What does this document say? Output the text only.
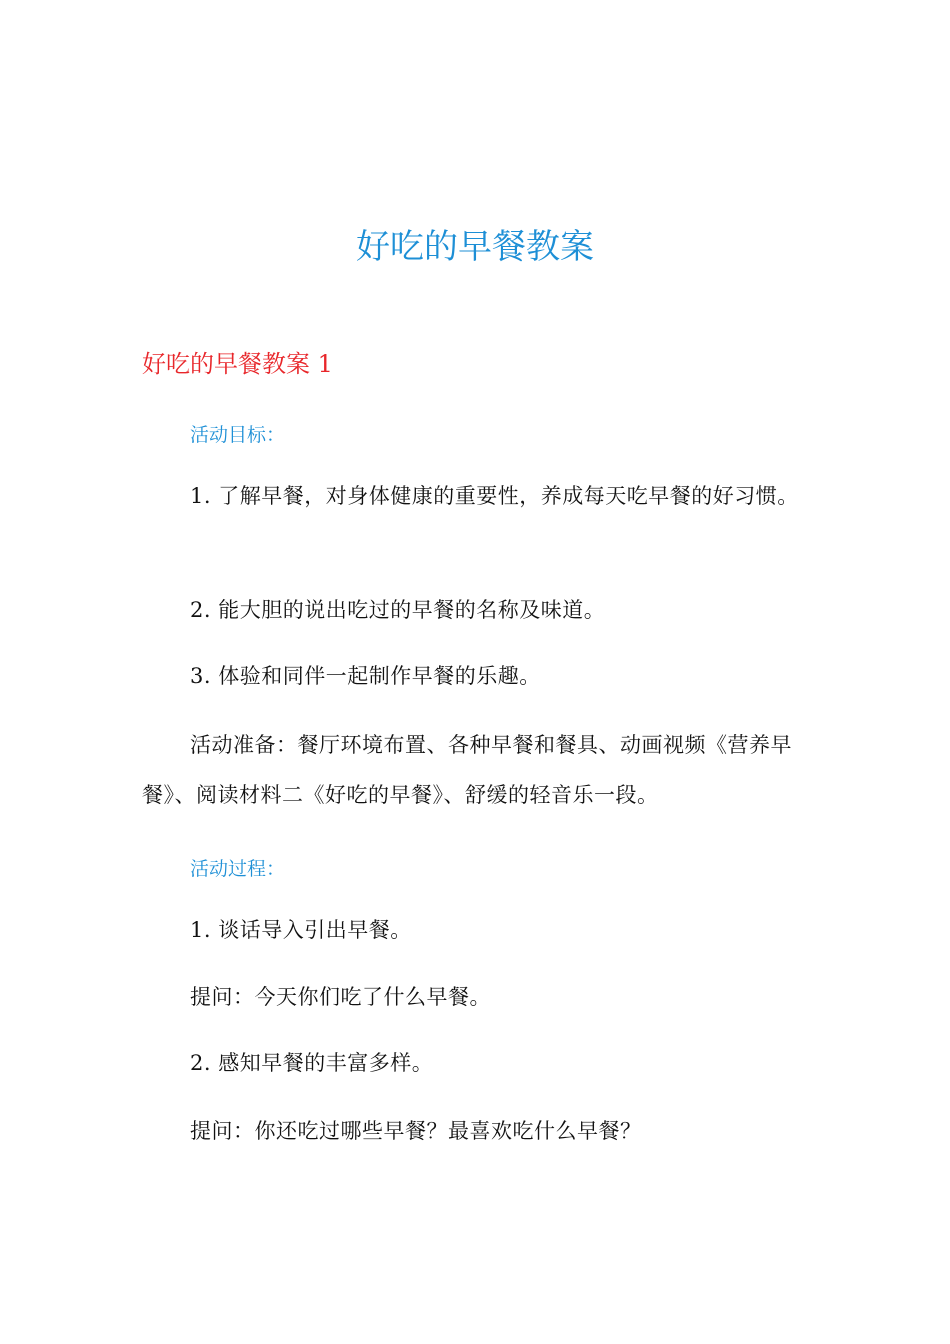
好吃的早餐教案
好吃的早餐教案 1
活动目标：

1. 了解早餐，对身体健康的重要性，养成每天吃早餐的好习惯。

2. 能大胆的说出吃过的早餐的名称及味道。

3. 体验和同伴一起制作早餐的乐趣。

活动准备：餐厅环境布置、各种早餐和餐具、动画视频《营养早餐》、阅读材料二《好吃的早餐》、舒缓的轻音乐一段。

活动过程：

1. 谈话导入引出早餐。

提问：今天你们吃了什么早餐。

2. 感知早餐的丰富多样。

提问：你还吃过哪些早餐？最喜欢吃什么早餐？
